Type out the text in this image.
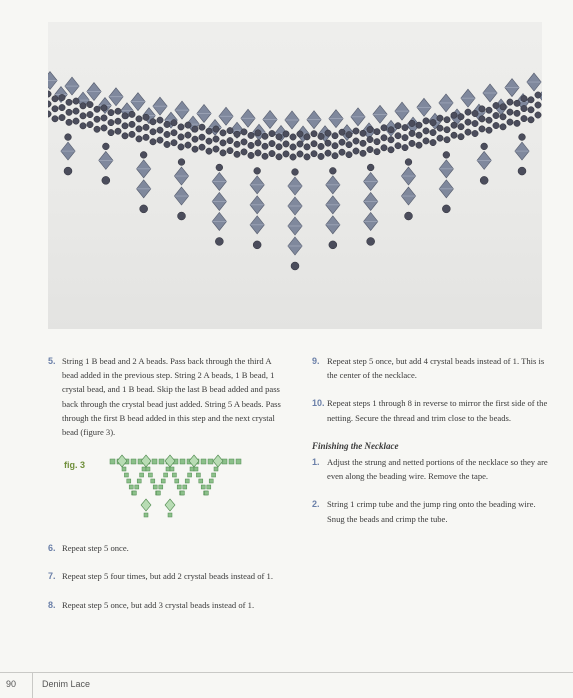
5. String 1 B bead and 2 A beads. Pass back through the third A bead added in the previous step. String 2 A beads, 1 B bead, 1 crystal bead, and 1 B bead. Skip the last B bead added and pass back through the crystal bead just added. String 5 A beads. Pass through the first B bead added in this step and the next crystal bead (figure 3).
fig. 3
6. Repeat step 5 once.
7. Repeat step 5 four times, but add 2 crystal beads instead of 1.
8. Repeat step 5 once, but add 3 crystal beads instead of 1.
9. Repeat step 5 once, but add 4 crystal beads instead of 1. This is the center of the necklace.
10. Repeat steps 1 through 8 in reverse to mirror the first side of the netting. Secure the thread and trim close to the beads.
Finishing the Necklace
1. Adjust the strung and netted portions of the necklace so they are even along the beading wire. Remove the tape.
2. String 1 crimp tube and the jump ring onto the beading wire. Snug the beads and crimp the tube.
90	Denim Lace
